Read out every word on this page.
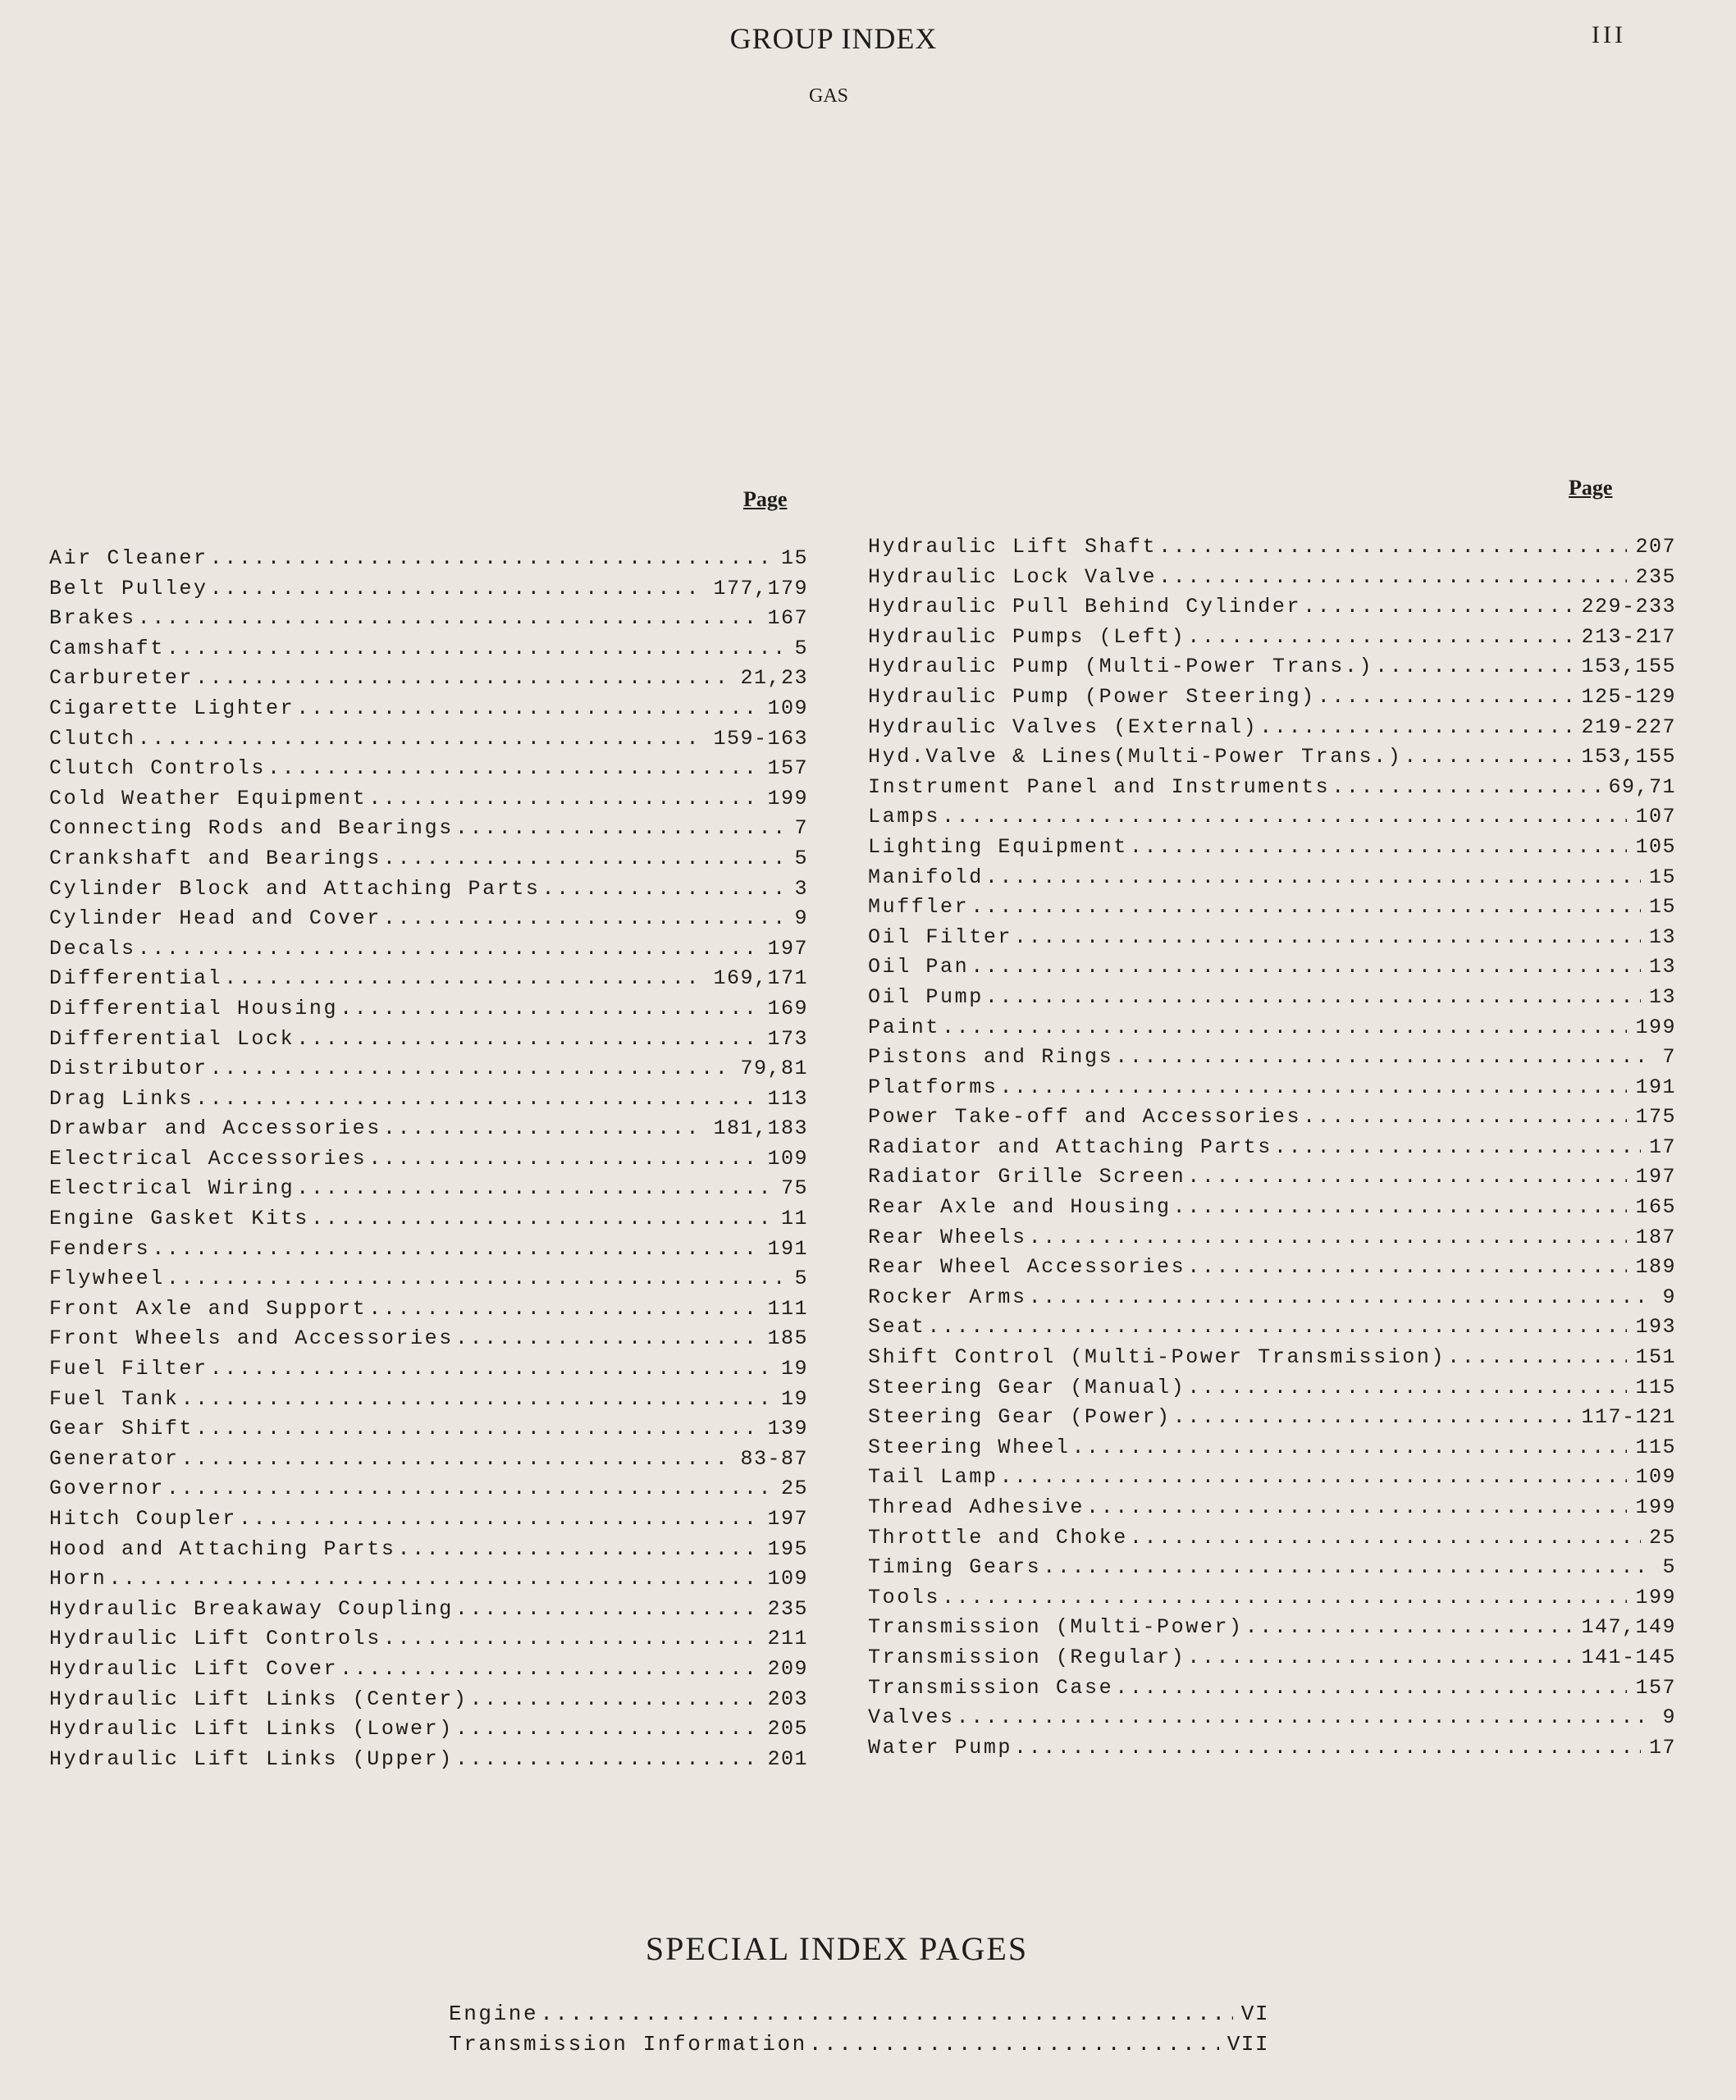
GROUP INDEX	III
GAS
Page	Page
Air Cleaner .....	15
Belt Pulley .....	177,179
Brakes .....	167
Camshaft .....	5
Carbureter .....	21,23
Cigarette Lighter .....	109
Clutch .....	159-163
Clutch Controls .....	157
Cold Weather Equipment .....	199
Connecting Rods and Bearings .....	7
Crankshaft and Bearings .....	5
Cylinder Block and Attaching Parts .....	3
Cylinder Head and Cover .....	9
Decals .....	197
Differential .....	169,171
Differential Housing .....	169
Differential Lock .....	173
Distributor .....	79,81
Drag Links .....	113
Drawbar and Accessories .....	181,183
Electrical Accessories .....	109
Electrical Wiring .....	75
Engine Gasket Kits .....	11
Fenders .....	191
Flywheel .....	5
Front Axle and Support .....	111
Front Wheels and Accessories .....	185
Fuel Filter .....	19
Fuel Tank .....	19
Gear Shift .....	139
Generator .....	83-87
Governor .....	25
Hitch Coupler .....	197
Hood and Attaching Parts .....	195
Horn .....	109
Hydraulic Breakaway Coupling .....	235
Hydraulic Lift Controls .....	211
Hydraulic Lift Cover .....	209
Hydraulic Lift Links (Center) .....	203
Hydraulic Lift Links (Lower) .....	205
Hydraulic Lift Links (Upper) .....	201
Hydraulic Lift Shaft .....	207
Hydraulic Lock Valve .....	235
Hydraulic Pull Behind Cylinder .....	229-233
Hydraulic Pumps (Left) .....	213-217
Hydraulic Pump (Multi-Power Trans.) .....	153,155
Hydraulic Pump (Power Steering) .....	125-129
Hydraulic Valves (External) .....	219-227
Hyd.Valve & Lines(Multi-Power Trans.) .....	153,155
Instrument Panel and Instruments .....	69,71
Lamps .....	107
Lighting Equipment .....	105
Manifold .....	15
Muffler .....	15
Oil Filter .....	13
Oil Pan .....	13
Oil Pump .....	13
Paint .....	199
Pistons and Rings .....	7
Platforms .....	191
Power Take-off and Accessories .....	175
Radiator and Attaching Parts .....	17
Radiator Grille Screen .....	197
Rear Axle and Housing .....	165
Rear Wheels .....	187
Rear Wheel Accessories .....	189
Rocker Arms .....	9
Seat .....	193
Shift Control (Multi-Power Transmission) .....	151
Steering Gear (Manual) .....	115
Steering Gear (Power) .....	117-121
Steering Wheel .....	115
Tail Lamp .....	109
Thread Adhesive .....	199
Throttle and Choke .....	25
Timing Gears .....	5
Tools .....	199
Transmission (Multi-Power) .....	147,149
Transmission (Regular) .....	141-145
Transmission Case .....	157
Valves .....	9
Water Pump .....	17
SPECIAL INDEX PAGES
Engine .....	VI
Transmission Information .....	VII
